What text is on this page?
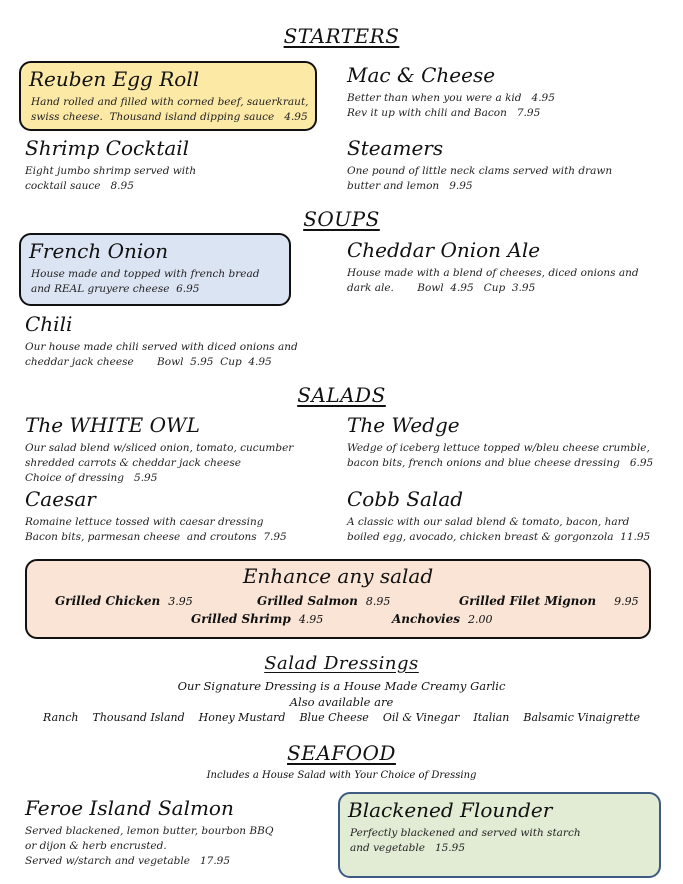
STARTERS
Reuben Egg Roll
Hand rolled and filled with corned beef, sauerkraut,
swiss cheese.  Thousand island dipping sauce   4.95
Mac & Cheese
Better than when you were a kid   4.95
Rev it up with chili and Bacon   7.95
Shrimp Cocktail
Eight jumbo shrimp served with
cocktail sauce   8.95
Steamers
One pound of little neck clams served with drawn
butter and lemon   9.95
SOUPS
French Onion
House made and topped with french bread
and REAL gruyere cheese  6.95
Cheddar Onion Ale
House made with a blend of cheeses, diced onions and
dark ale.       Bowl  4.95   Cup  3.95
Chili
Our house made chili served with diced onions and
cheddar jack cheese       Bowl  5.95  Cup  4.95
SALADS
The WHITE OWL
Our salad blend w/sliced onion, tomato, cucumber
shredded carrots & cheddar jack cheese
Choice of dressing   5.95
The Wedge
Wedge of iceberg lettuce topped w/bleu cheese crumble,
bacon bits, french onions and blue cheese dressing   6.95
Caesar
Romaine lettuce tossed with caesar dressing
Bacon bits, parmesan cheese  and croutons  7.95
Cobb Salad
A classic with our salad blend & tomato, bacon, hard
boiled egg, avocado, chicken breast & gorgonzola  11.95
Enhance any salad
Grilled Chicken 3.95	Grilled Salmon 8.95	Grilled Filet Mignon 9.95
Grilled Shrimp 4.95	Anchovies 2.00
Salad Dressings
Our Signature Dressing is a House Made Creamy Garlic
Also available are
Ranch Thousand Island Honey Mustard Blue Cheese Oil & Vinegar Italian Balsamic Vinaigrette
SEAFOOD
Includes a House Salad with Your Choice of Dressing
Feroe Island Salmon
Served blackened, lemon butter, bourbon BBQ
or dijon & herb encrusted.
Served w/starch and vegetable   17.95
Blackened Flounder
Perfectly blackened and served with starch
and vegetable   15.95
